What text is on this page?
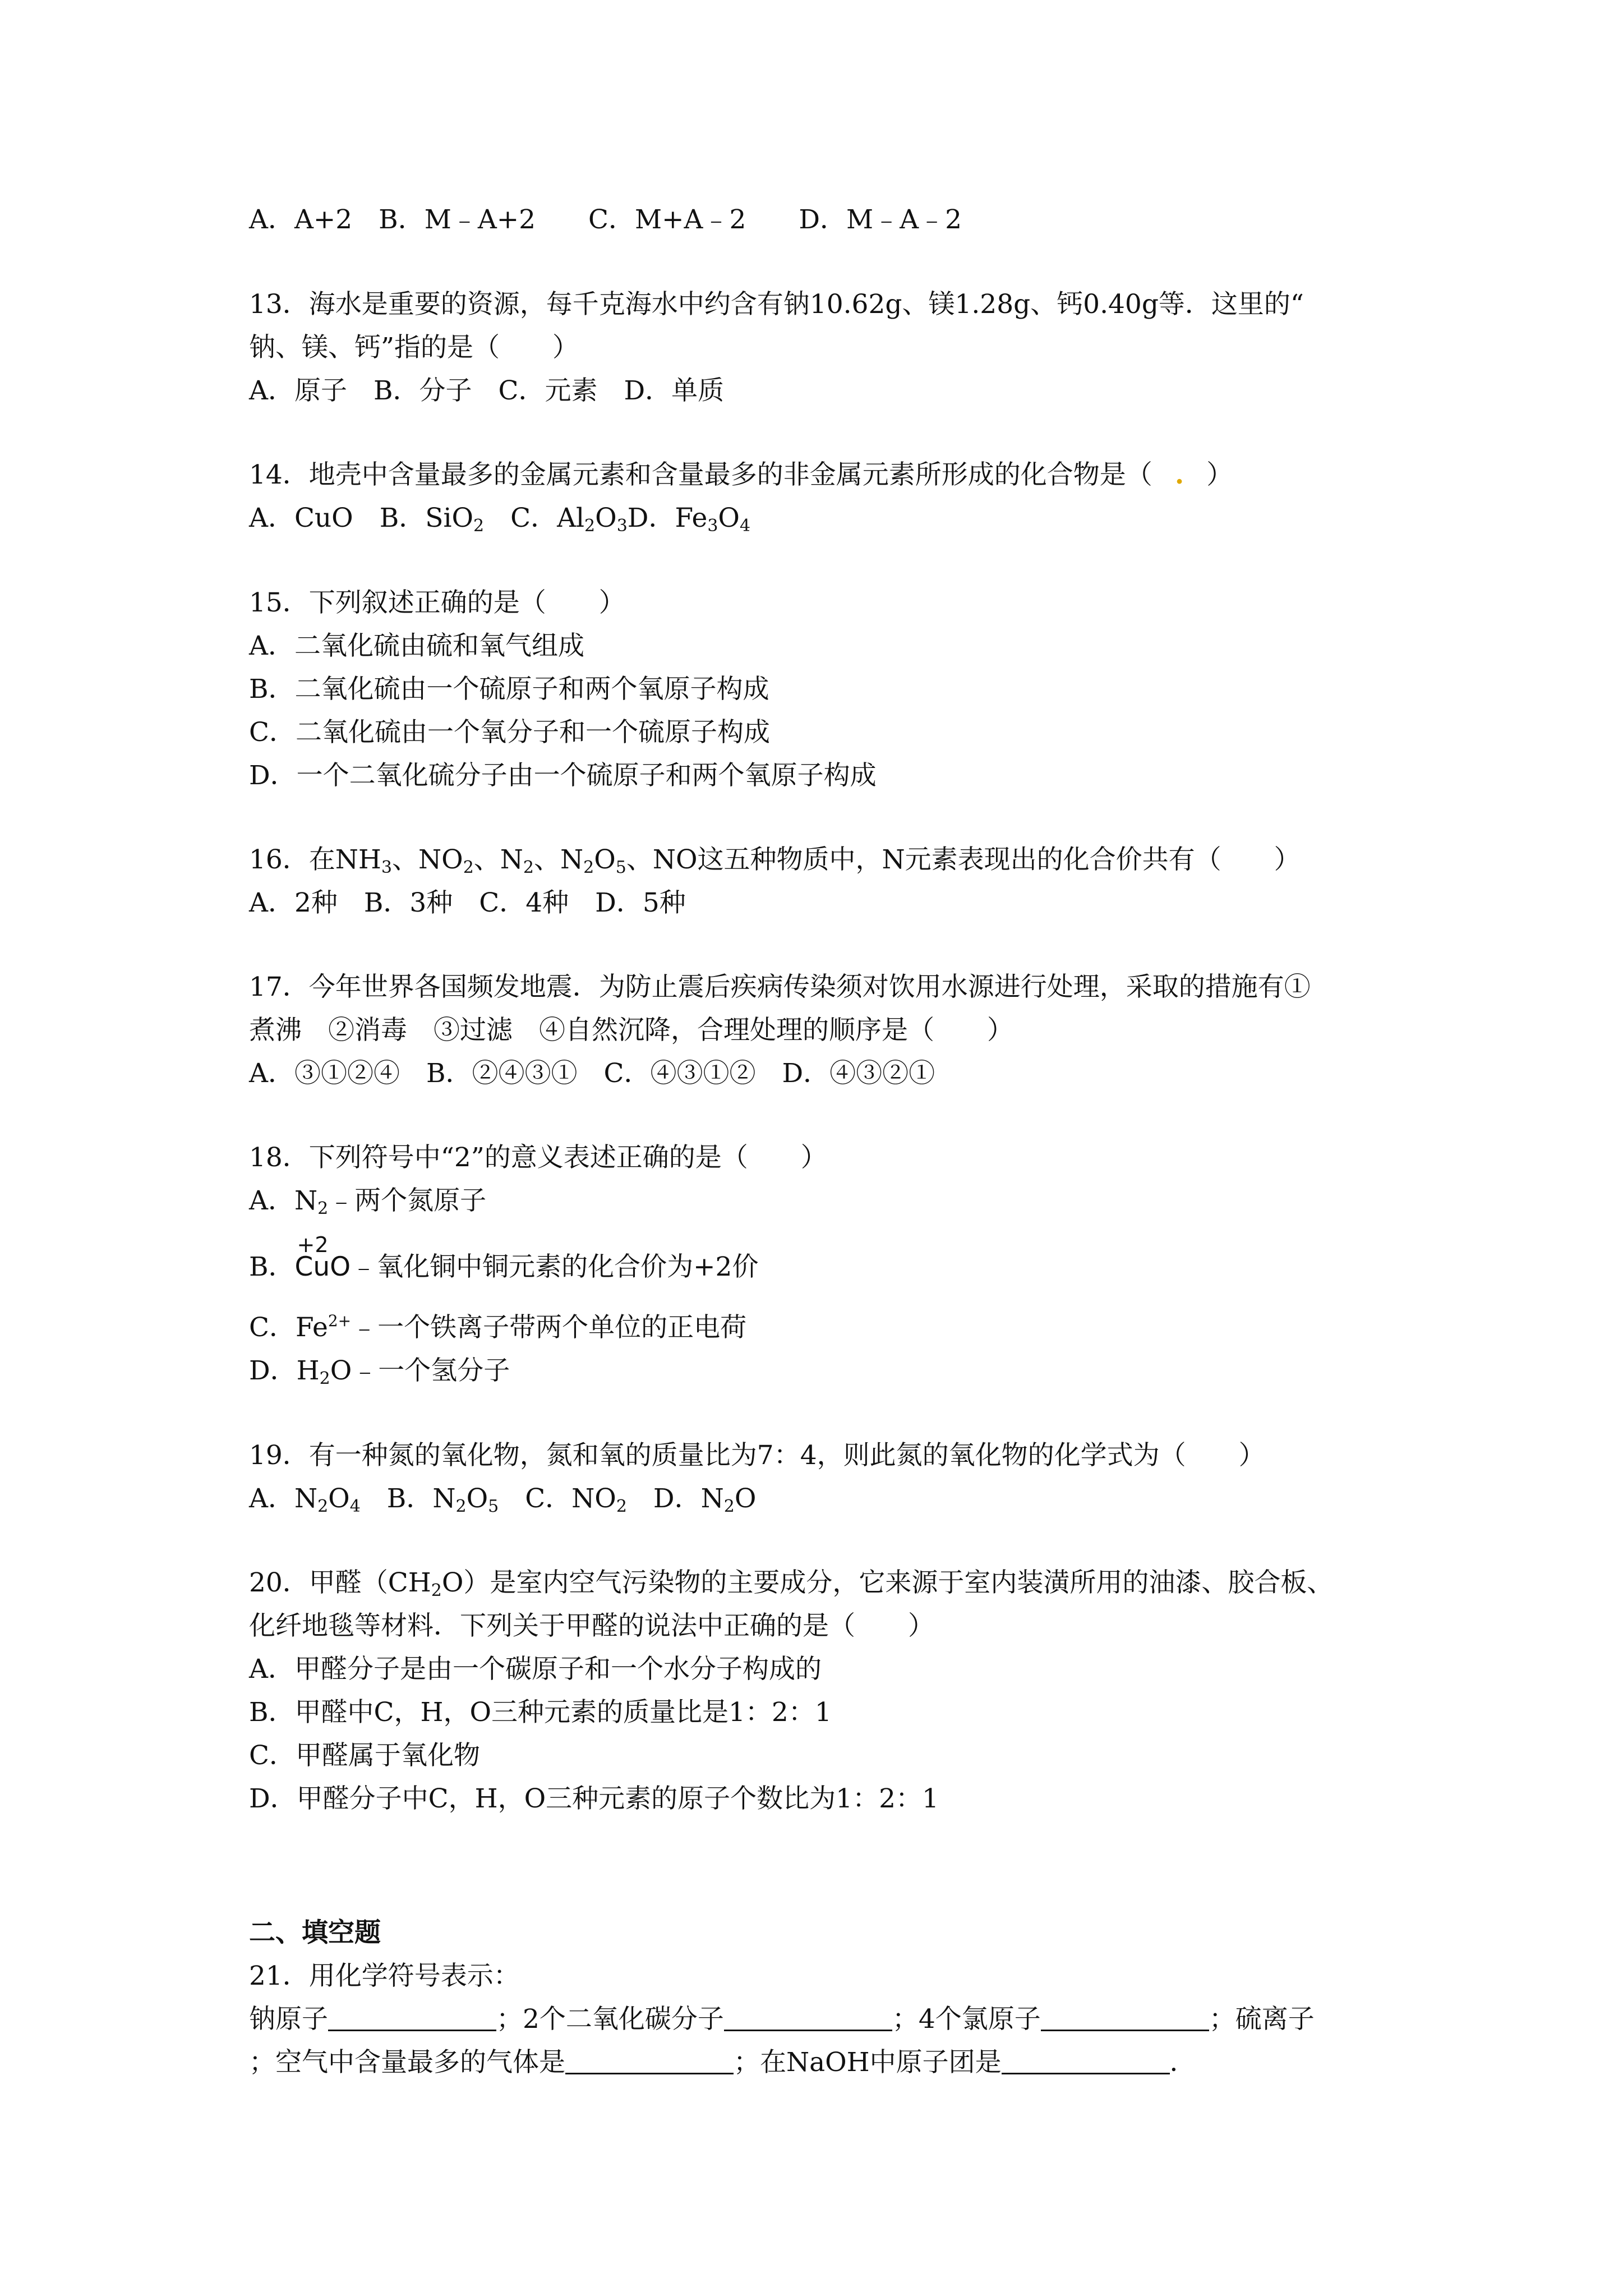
A．A+2　B．M﹣A+2　　C．M+A﹣2　　D．M﹣A﹣2

13．海水是重要的资源，每千克海水中约含有钠10.62g、镁1.28g、钙0.40g等．这里的“

钠、镁、钙”指的是（　　）

A．原子　B．分子　C．元素　D．单质

14．地壳中含量最多的金属元素和含量最多的非金属元素所形成的化合物是（ . ）

A．CuO　B．SiO$_2$　C．$Al_2O_3D$．$Fe_3O_4$

15．下列叙述正确的是（　　）

A．二氧化硫由硫和氧气组成

B．二氧化硫由一个硫原子和两个氧原子构成

C．二氧化硫由一个氧分子和一个硫原子构成

D．一个二氧化硫分子由一个硫原子和两个氧原子构成

16．在$NH_3$、$NO_2$、$N_2$、$N_2O_5$、NO这五种物质中，N元素表现出的化合价共有（　　）

A．2种　B．3种　C．4种　D．5种

17．今年世界各国频发地震．为防止震后疾病传染须对饮用水源进行处理，采取的措施有①

煮沸　②消毒　③过滤　④自然沉降，合理处理的顺序是（　　）

A．③①②④　B．②④③①　C．④③①②　D．④③②①

18．下列符号中“2”的意义表述正确的是（　　）

A．$N_2﹣$两个氮原子

B．
+2
CuO﹣氧化铜中铜元素的化合价为+2价

C．$Fe^{2+}﹣$一个铁离子带两个单位的正电荷

D．$H_2O﹣$一个氢分子

19．有一种氮的氧化物，氮和氧的质量比为7：4，则此氮的氧化物的化学式为（　　）

A．$N_2O_4$　B．$N_2O_5$　C．$NO_2$　D．$N_2O$

20．甲醛$(CH_2O)$是室内空气污染物的主要成分，它来源于室内装潢所用的油漆、胶合板、

化纤地毯等材料．下列关于甲醛的说法中正确的是（　　）

A．甲醛分子是由一个碳原子和一个水分子构成的

B．甲醛中C，H，O三种元素的质量比是1：2：1

C．甲醛属于氧化物

D．甲醛分子中C，H，O三种元素的原子个数比为1：2：1

二、填空题

21．用化学符号表示：

钠原子	；2个二氧化碳分子	；4个氯原子	；硫离子

；空气中含量最多的气体是	；在NaOH中原子团是	．
